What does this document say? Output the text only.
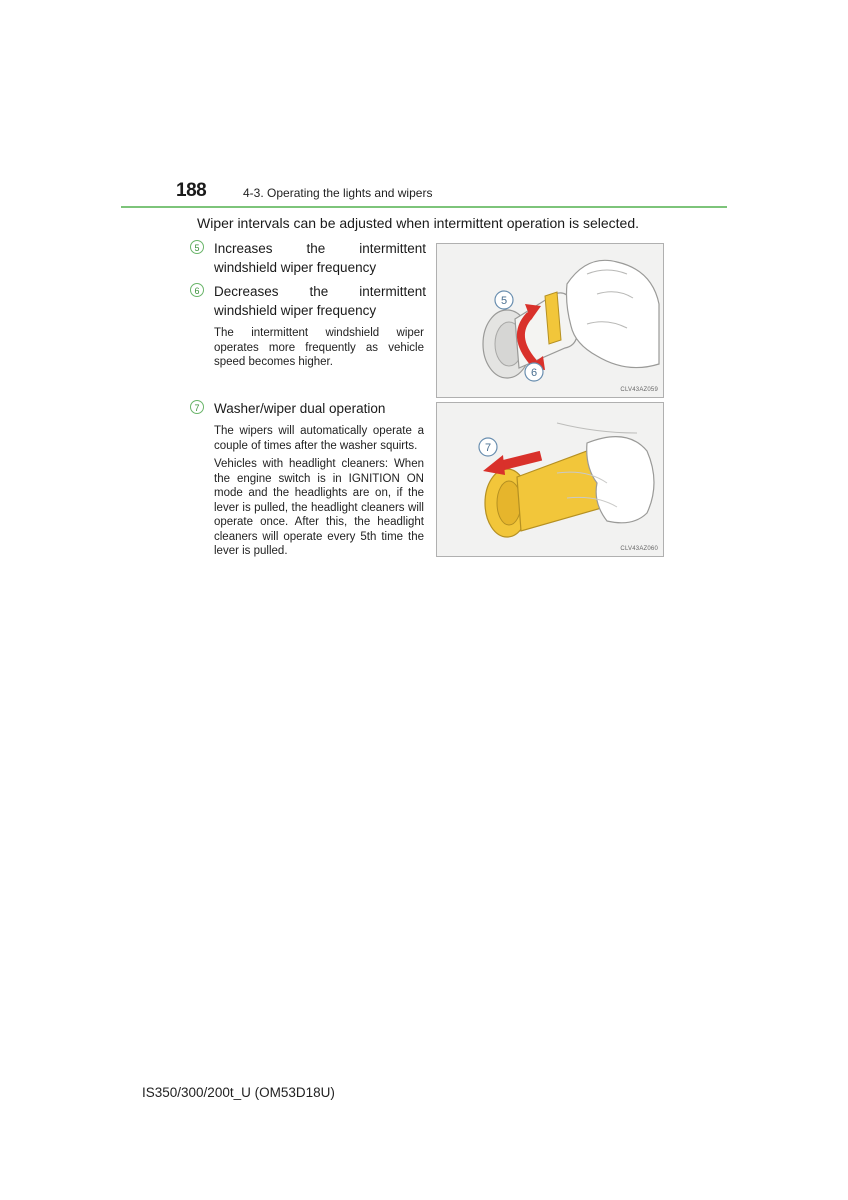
188	4-3. Operating the lights and wipers
Wiper intervals can be adjusted when intermittent operation is selected.
5	Increases the intermittent windshield wiper frequency
6	Decreases the intermittent windshield wiper frequency
The intermittent windshield wiper operates more frequently as vehicle speed becomes higher.
7	Washer/wiper dual operation
The wipers will automatically operate a couple of times after the washer squirts.
Vehicles with headlight cleaners: When the engine switch is in IGNITION ON mode and the headlights are on, if the lever is pulled, the headlight cleaners will operate once. After this, the headlight cleaners will operate every 5th time the lever is pulled.
5
6
CLV43AZ059
7
CLV43AZ060
IS350/300/200t_U (OM53D18U)
